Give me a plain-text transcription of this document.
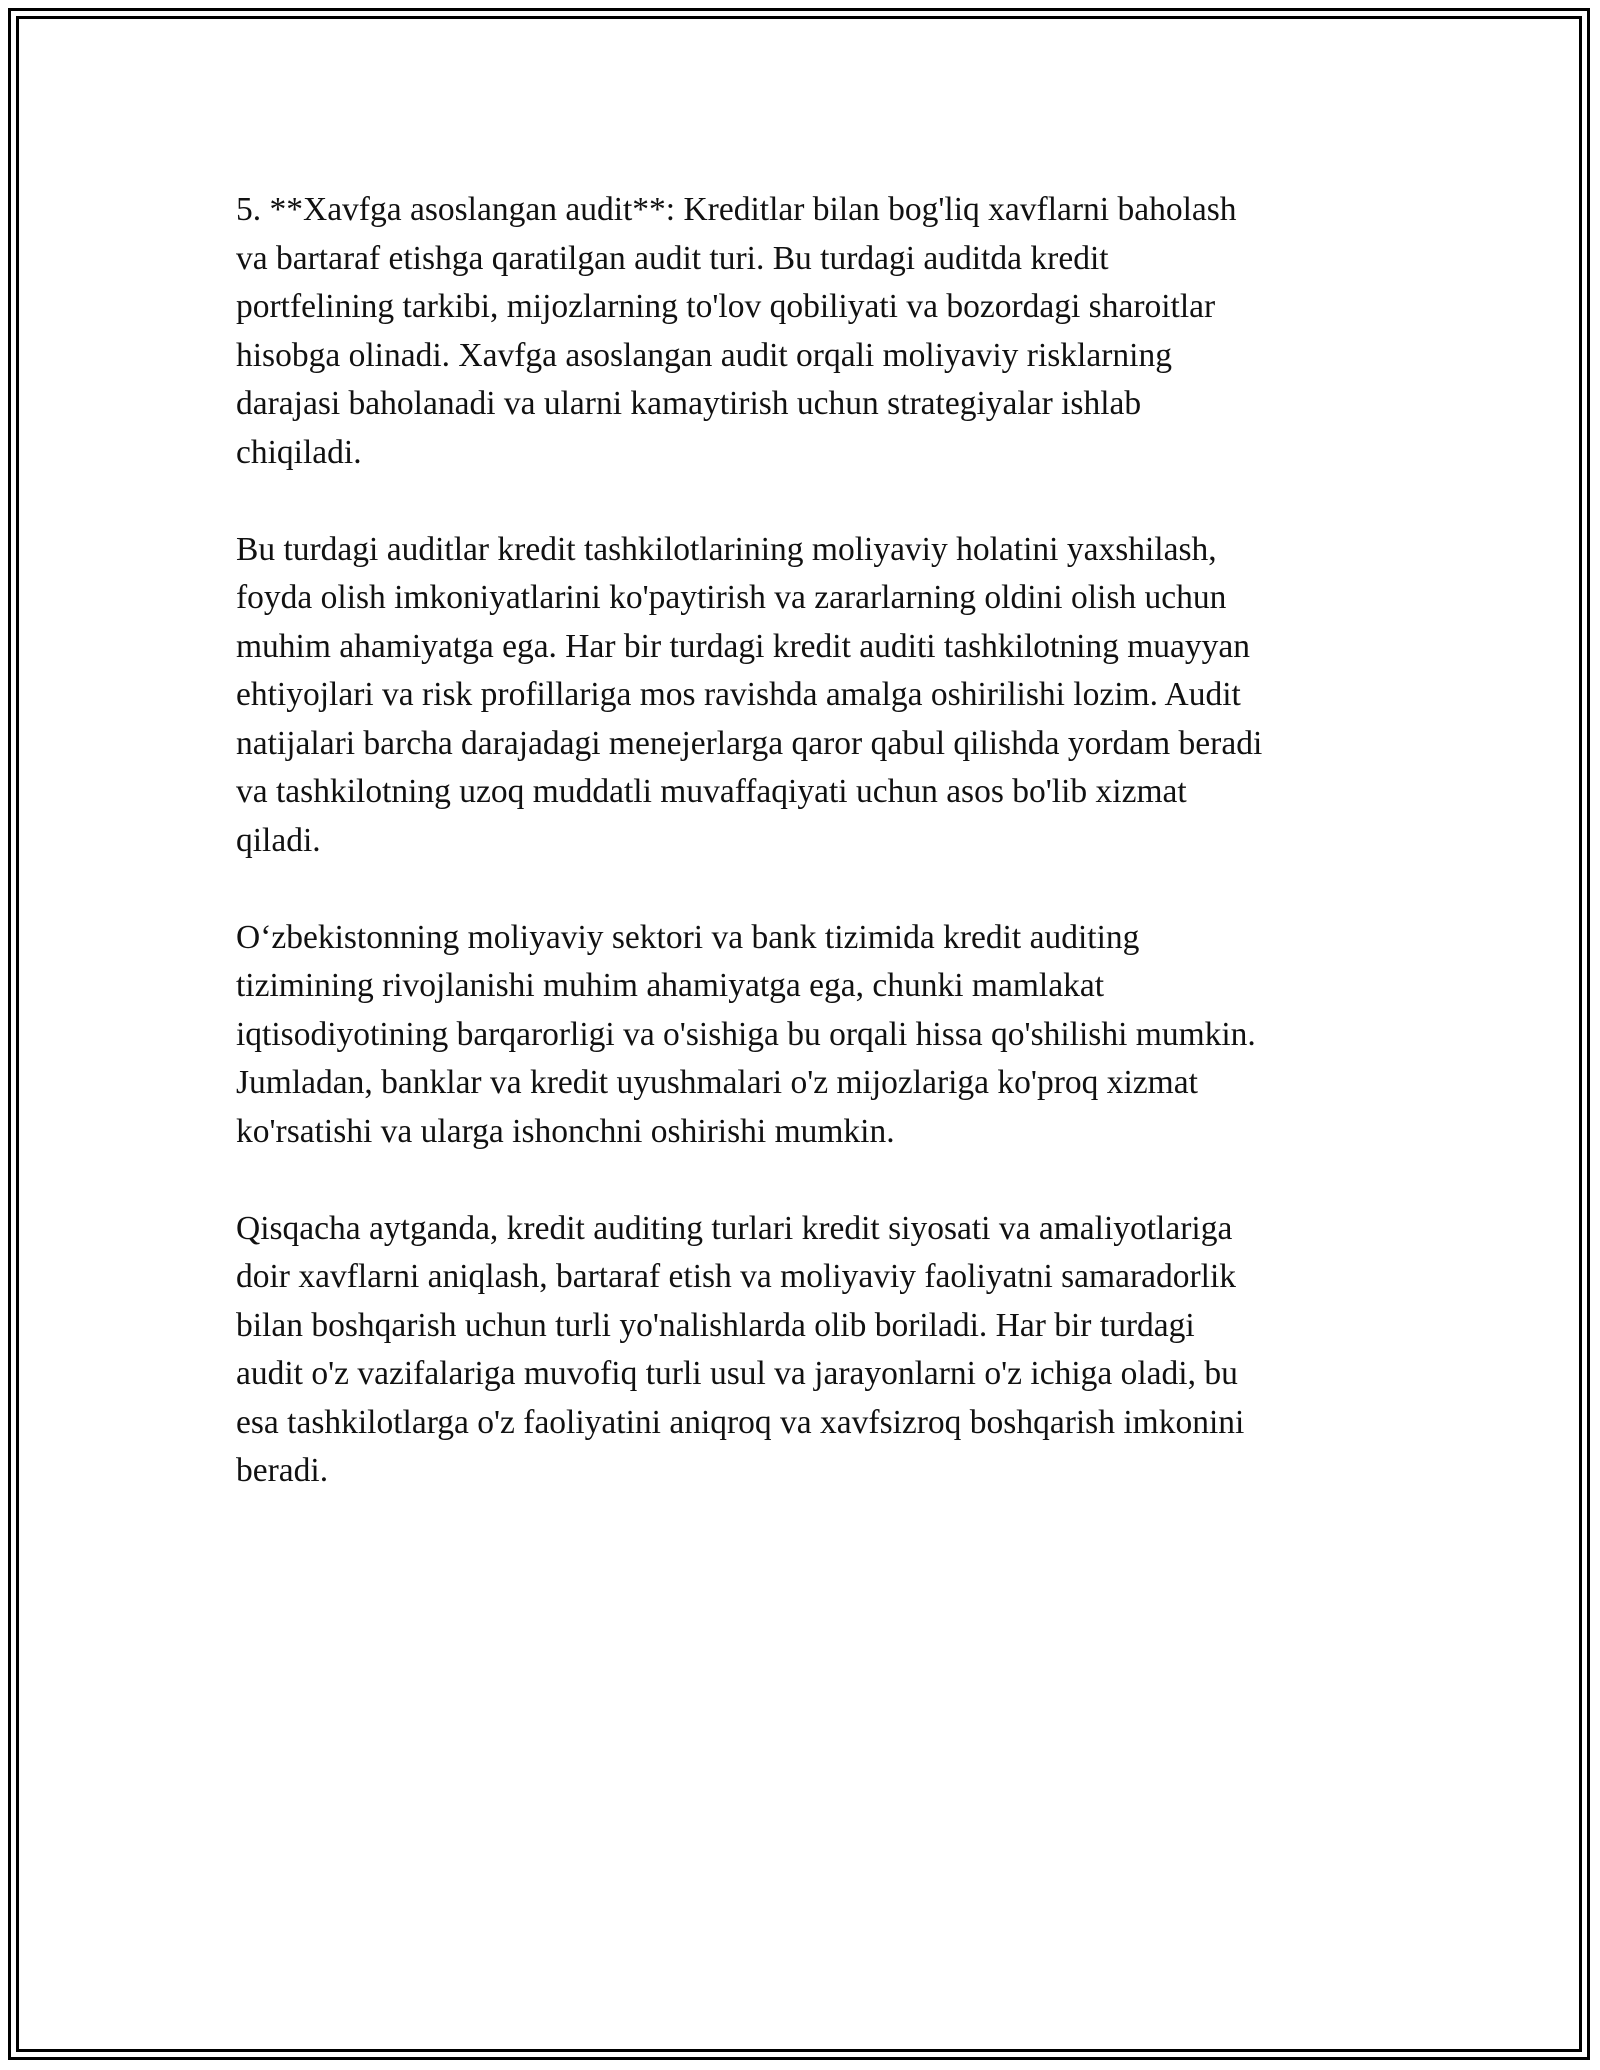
5. **Xavfga asoslangan audit**: Kreditlar bilan bog'liq xavflarni baholash
va bartaraf etishga qaratilgan audit turi. Bu turdagi auditda kredit
portfelining tarkibi, mijozlarning to'lov qobiliyati va bozordagi sharoitlar
hisobga olinadi. Xavfga asoslangan audit orqali moliyaviy risklarning
darajasi baholanadi va ularni kamaytirish uchun strategiyalar ishlab
chiqiladi.

Bu turdagi auditlar kredit tashkilotlarining moliyaviy holatini yaxshilash,
foyda olish imkoniyatlarini ko'paytirish va zararlarning oldini olish uchun
muhim ahamiyatga ega. Har bir turdagi kredit auditi tashkilotning muayyan
ehtiyojlari va risk profillariga mos ravishda amalga oshirilishi lozim. Audit
natijalari barcha darajadagi menejerlarga qaror qabul qilishda yordam beradi
va tashkilotning uzoq muddatli muvaffaqiyati uchun asos bo'lib xizmat
qiladi.

O‘zbekistonning moliyaviy sektori va bank tizimida kredit auditing
tizimining rivojlanishi muhim ahamiyatga ega, chunki mamlakat
iqtisodiyotining barqarorligi va o'sishiga bu orqali hissa qo'shilishi mumkin.
Jumladan, banklar va kredit uyushmalari o'z mijozlariga ko'proq xizmat
ko'rsatishi va ularga ishonchni oshirishi mumkin.

Qisqacha aytganda, kredit auditing turlari kredit siyosati va amaliyotlariga
doir xavflarni aniqlash, bartaraf etish va moliyaviy faoliyatni samaradorlik
bilan boshqarish uchun turli yo'nalishlarda olib boriladi. Har bir turdagi
audit o'z vazifalariga muvofiq turli usul va jarayonlarni o'z ichiga oladi, bu
esa tashkilotlarga o'z faoliyatini aniqroq va xavfsizroq boshqarish imkonini
beradi.
